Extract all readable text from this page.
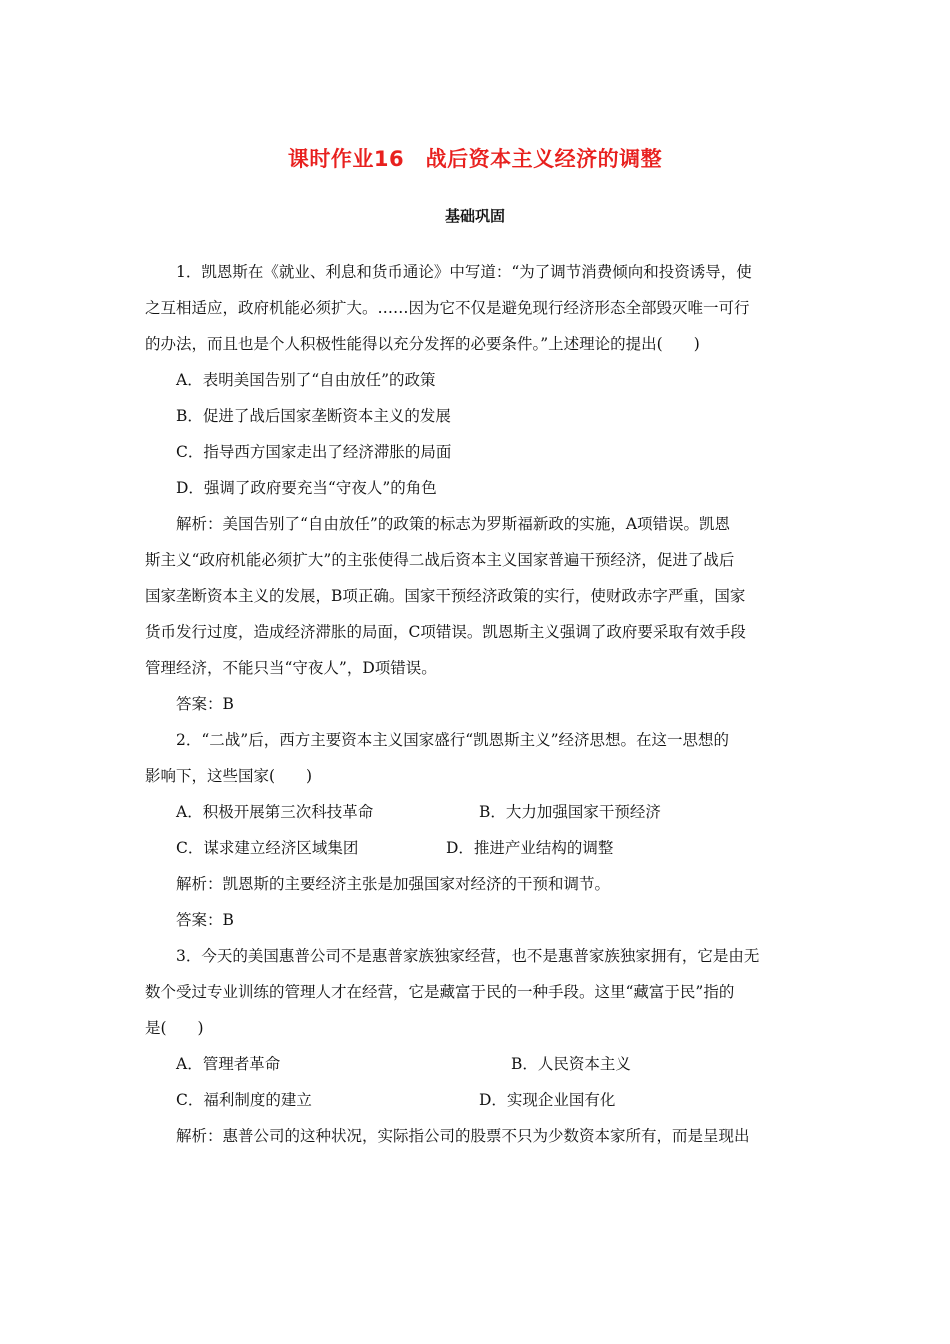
课时作业16　战后资本主义经济的调整
基础巩固

1．凯恩斯在《就业、利息和货币通论》中写道：“为了调节消费倾向和投资诱导，使

之互相适应，政府机能必须扩大。……因为它不仅是避免现行经济形态全部毁灭唯一可行

的办法，而且也是个人积极性能得以充分发挥的必要条件。”上述理论的提出(　　)

A．表明美国告别了“自由放任”的政策

B．促进了战后国家垄断资本主义的发展

C．指导西方国家走出了经济滞胀的局面

D．强调了政府要充当“守夜人”的角色

解析：美国告别了“自由放任”的政策的标志为罗斯福新政的实施，A项错误。凯恩

斯主义“政府机能必须扩大”的主张使得二战后资本主义国家普遍干预经济，促进了战后

国家垄断资本主义的发展，B项正确。国家干预经济政策的实行，使财政赤字严重，国家

货币发行过度，造成经济滞胀的局面，C项错误。凯恩斯主义强调了政府要采取有效手段

管理经济，不能只当“守夜人”，D项错误。

答案：B

2．“二战”后，西方主要资本主义国家盛行“凯恩斯主义”经济思想。在这一思想的

影响下，这些国家(　　)

A．积极开展第三次科技革命	B．大力加强国家干预经济
C．谋求建立经济区域集团	D．推进产业结构的调整

解析：凯恩斯的主要经济主张是加强国家对经济的干预和调节。

答案：B

3．今天的美国惠普公司不是惠普家族独家经营，也不是惠普家族独家拥有，它是由无

数个受过专业训练的管理人才在经营，它是藏富于民的一种手段。这里“藏富于民”指的

是(　　)

A．管理者革命	B．人民资本主义
C．福利制度的建立	D．实现企业国有化

解析：惠普公司的这种状况，实际指公司的股票不只为少数资本家所有，而是呈现出
